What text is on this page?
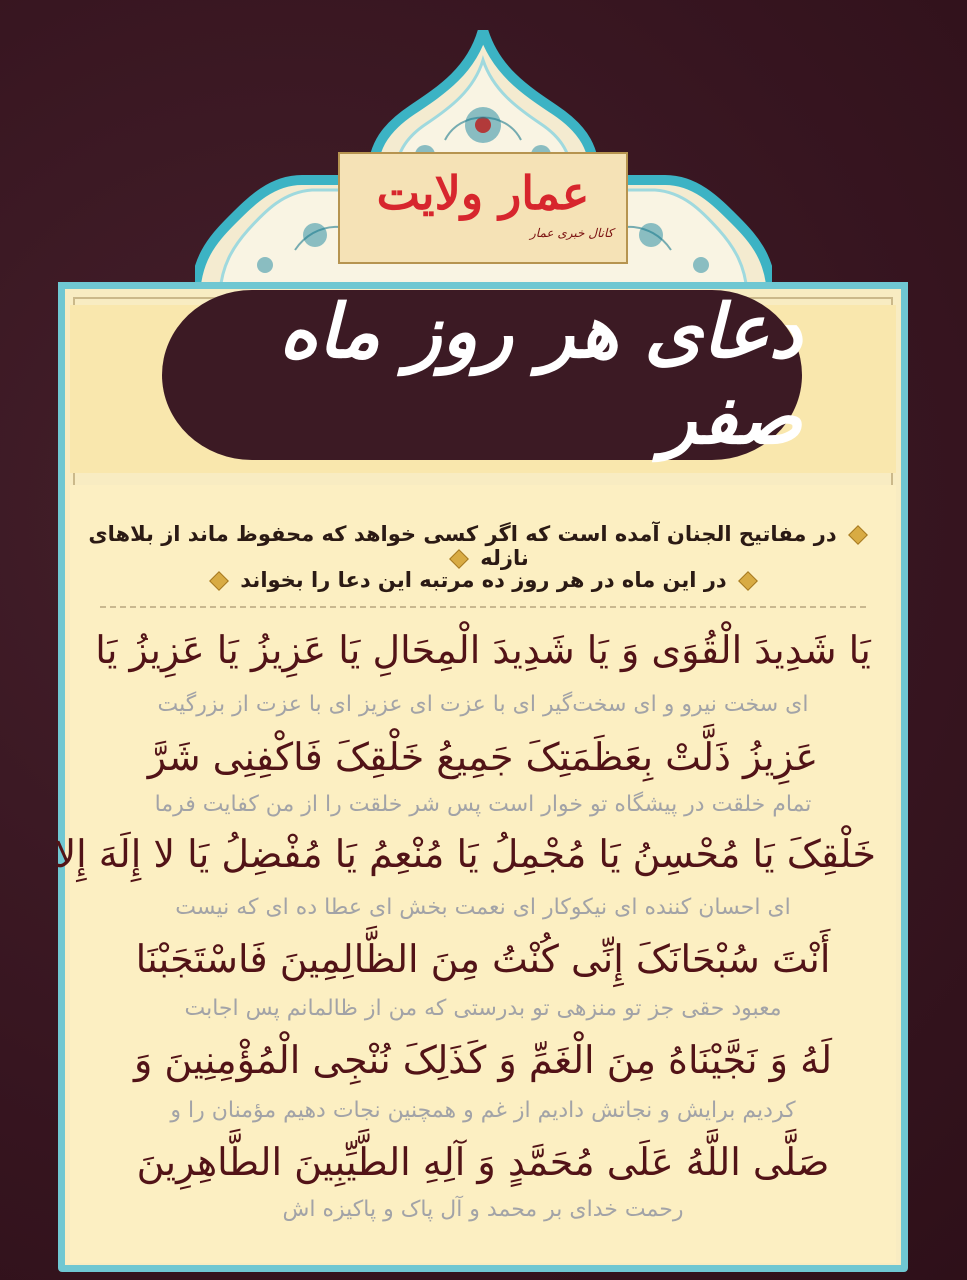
دعای هر روز ماه صفر
عمار ولایت
کانال خبری عمار
در مفاتیح الجنان آمده است که اگر کسی خواهد که محفوظ ماند از بلاهای نازله
در این ماه در هر روز ده مرتبه این دعا را بخواند
یَا شَدِیدَ الْقُوَی وَ یَا شَدِیدَ الْمِحَالِ یَا عَزِیزُ یَا عَزِیزُ یَا
ای سخت نیرو و ای سخت‌گیر ای با عزت ای عزیز ای با عزت از بزرگیت
عَزِیزُ ذَلَّتْ بِعَظَمَتِکَ جَمِیعُ خَلْقِکَ فَاکْفِنِی شَرَّ
تمام خلقت در پیشگاه تو خوار است پس شر خلقت را از من کفایت فرما
خَلْقِکَ یَا مُحْسِنُ یَا مُجْمِلُ یَا مُنْعِمُ یَا مُفْضِلُ یَا لا إِلَهَ إِلا
ای احسان کننده ای نیکوکار ای نعمت بخش ای عطا ده ای که نیست
أَنْتَ سُبْحَانَکَ إِنِّی کُنْتُ مِنَ الظَّالِمِینَ فَاسْتَجَبْنَا
معبود حقی جز تو منزهی تو بدرستی که من از ظالمانم پس اجابت
لَهُ وَ نَجَّیْنَاهُ مِنَ الْغَمِّ وَ کَذَلِکَ نُنْجِی الْمُؤْمِنِینَ وَ
کردیم برایش و نجاتش دادیم از غم و همچنین نجات دهیم مؤمنان را و
صَلَّی اللَّهُ عَلَی مُحَمَّدٍ وَ آلِهِ الطَّیِّبِینَ الطَّاهِرِینَ
رحمت خدای بر محمد و آل پاک و پاکیزه اش
